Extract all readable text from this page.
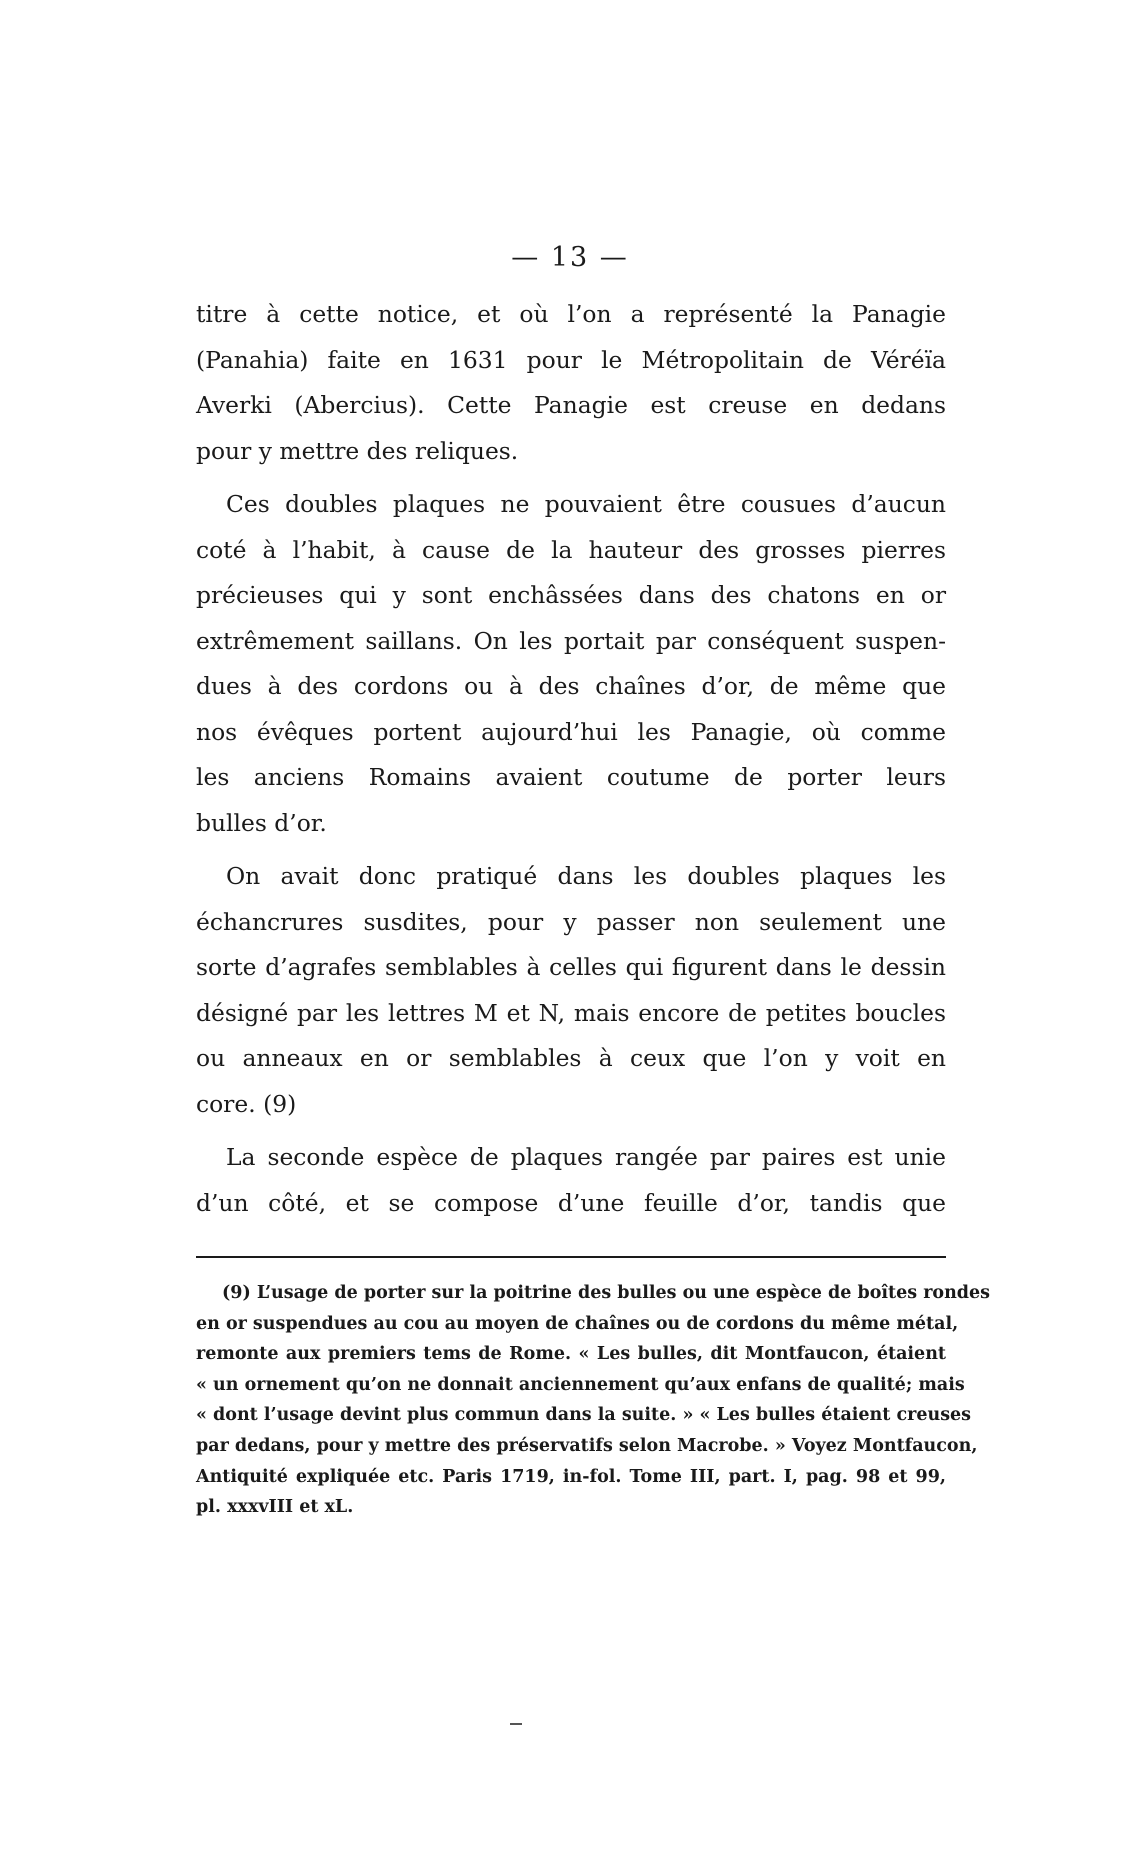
— 13 —
titre à cette notice, et où l’on a représenté la Panagie
(Panahia) faite en 1631 pour le Métropolitain de Véréïa
Averki (Abercius). Cette Panagie est creuse en dedans
pour y mettre des reliques.
Ces doubles plaques ne pouvaient être cousues d’aucun
coté à l’habit, à cause de la hauteur des grosses pierres
précieuses qui y sont enchâssées dans des chatons en or
extrêmement saillans. On les portait par conséquent suspen-
dues à des cordons ou à des chaînes d’or, de même que
nos évêques portent aujourd’hui les Panagie, où comme
les anciens Romains avaient coutume de porter leurs
bulles d’or.
On avait donc pratiqué dans les doubles plaques les
échancrures susdites, pour y passer non seulement une
sorte d’agrafes semblables à celles qui figurent dans le dessin
désigné par les lettres M et N, mais encore de petites boucles
ou anneaux en or semblables à ceux que l’on y voit en
core. (9)
La seconde espèce de plaques rangée par paires est unie
d’un côté, et se compose d’une feuille d’or, tandis que
(9) L’usage de porter sur la poitrine des bulles ou une espèce de boîtes rondes
en or suspendues au cou au moyen de chaînes ou de cordons du même métal,
remonte aux premiers tems de Rome. « Les bulles, dit Montfaucon, étaient
« un ornement qu’on ne donnait anciennement qu’aux enfans de qualité; mais
« dont l’usage devint plus commun dans la suite. » « Les bulles étaient creuses
par dedans, pour y mettre des préservatifs selon Macrobe. » Voyez Montfaucon,
Antiquité expliquée etc. Paris 1719, in-fol. Tome III, part. I, pag. 98 et 99,
pl. xxxvIII et xL.
